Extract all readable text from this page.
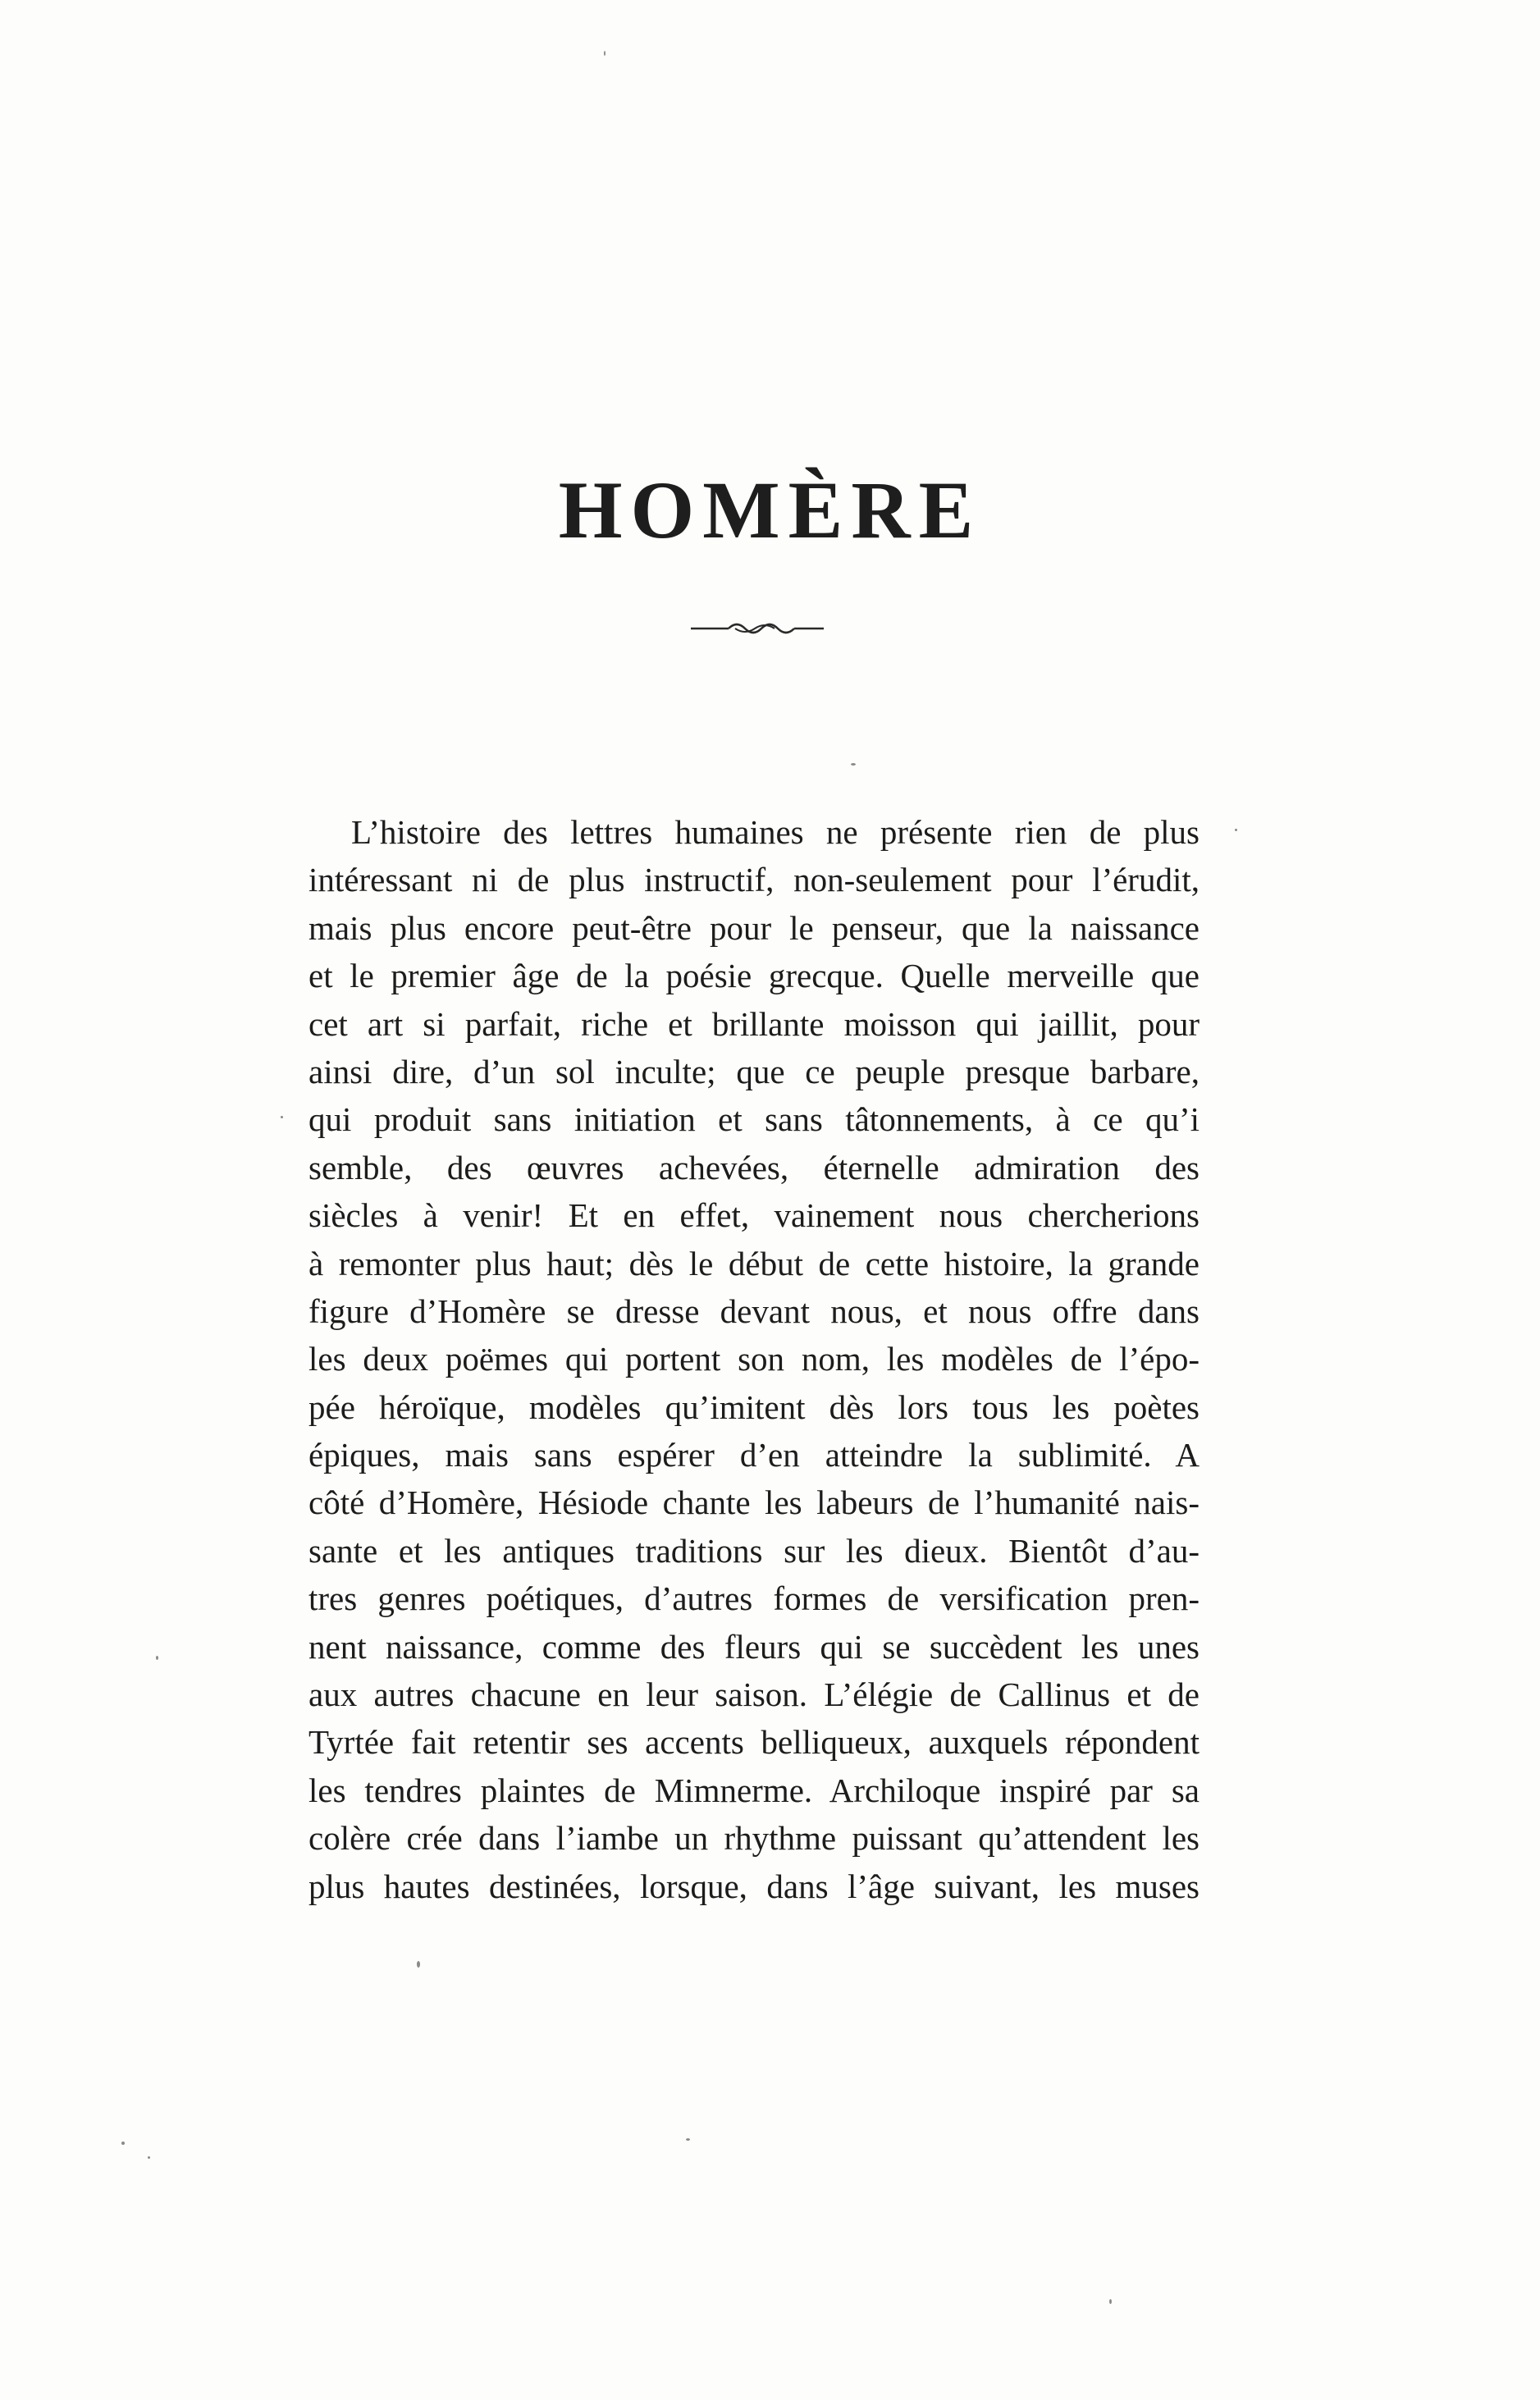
HOMÈRE
L’histoire des lettres humaines ne présente rien de plus
intéressant ni de plus instructif, non-seulement pour l’érudit,
mais plus encore peut-être pour le penseur, que la naissance
et le premier âge de la poésie grecque. Quelle merveille que
cet art si parfait, riche et brillante moisson qui jaillit, pour
ainsi dire, d’un sol inculte; que ce peuple presque barbare,
qui produit sans initiation et sans tâtonnements, à ce qu’i
semble, des œuvres achevées, éternelle admiration des
siècles à venir! Et en effet, vainement nous chercherions
à remonter plus haut; dès le début de cette histoire, la grande
figure d’Homère se dresse devant nous, et nous offre dans
les deux poëmes qui portent son nom, les modèles de l’épo-
pée héroïque, modèles qu’imitent dès lors tous les poètes
épiques, mais sans espérer d’en atteindre la sublimité. A
côté d’Homère, Hésiode chante les labeurs de l’humanité nais-
sante et les antiques traditions sur les dieux. Bientôt d’au-
tres genres poétiques, d’autres formes de versification pren-
nent naissance, comme des fleurs qui se succèdent les unes
aux autres chacune en leur saison. L’élégie de Callinus et de
Tyrtée fait retentir ses accents belliqueux, auxquels répondent
les tendres plaintes de Mimnerme. Archiloque inspiré par sa
colère crée dans l’iambe un rhythme puissant qu’attendent les
plus hautes destinées, lorsque, dans l’âge suivant, les muses
